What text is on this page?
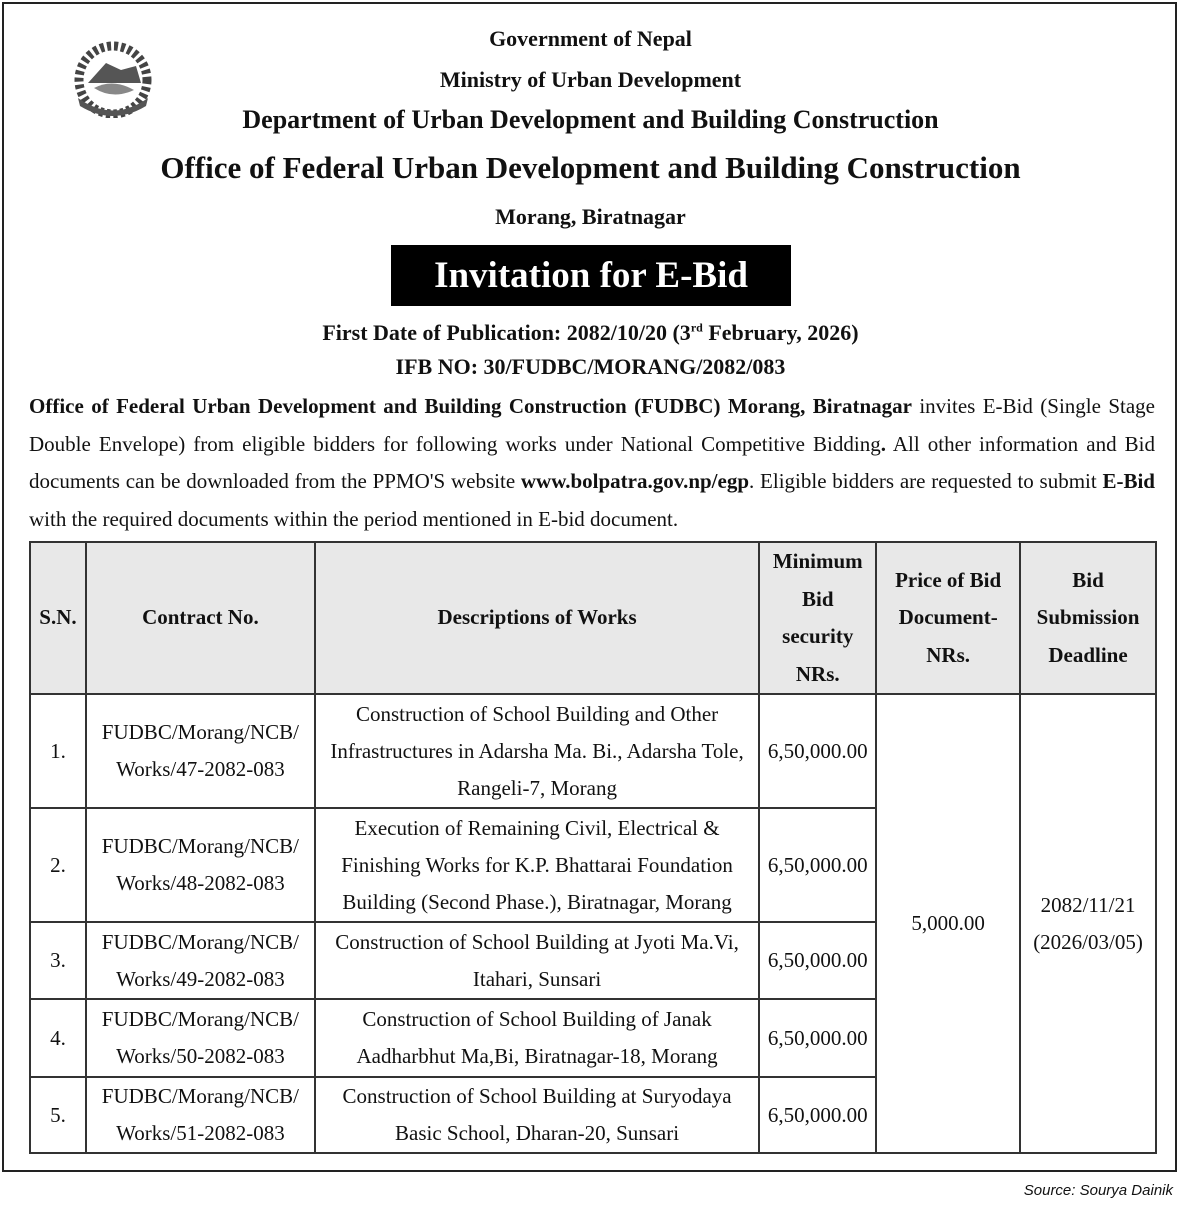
Government of Nepal
Ministry of Urban Development
Department of Urban Development and Building Construction
Office of Federal Urban Development and Building Construction
Morang, Biratnagar
Invitation for E-Bid
First Date of Publication: 2082/10/20 (3rd February, 2026)
IFB NO: 30/FUDBC/MORANG/2082/083
Office of Federal Urban Development and Building Construction (FUDBC) Morang, Biratnagar invites E-Bid (Single Stage Double Envelope) from eligible bidders for following works under National Competitive Bidding. All other information and Bid documents can be downloaded from the PPMO'S website www.bolpatra.gov.np/egp. Eligible bidders are requested to submit E-Bid with the required documents within the period mentioned in E-bid document.
S.N.	Contract No.	Descriptions of Works	Minimum Bid security NRs.	Price of Bid Document-NRs.	Bid Submission Deadline
1.	FUDBC/Morang/NCB/ Works/47-2082-083	Construction of School Building and Other Infrastructures in Adarsha Ma. Bi., Adarsha Tole, Rangeli-7, Morang	6,50,000.00	5,000.00	2082/11/21 (2026/03/05)
2.	FUDBC/Morang/NCB/ Works/48-2082-083	Execution of Remaining Civil, Electrical & Finishing Works for K.P. Bhattarai Foundation Building (Second Phase.), Biratnagar, Morang	6,50,000.00		
3.	FUDBC/Morang/NCB/ Works/49-2082-083	Construction of School Building at Jyoti Ma.Vi, Itahari, Sunsari	6,50,000.00		
4.	FUDBC/Morang/NCB/ Works/50-2082-083	Construction of School Building of Janak Aadharbhut Ma,Bi, Biratnagar-18, Morang	6,50,000.00		
5.	FUDBC/Morang/NCB/ Works/51-2082-083	Construction of School Building at Suryodaya Basic School, Dharan-20, Sunsari	6,50,000.00		
Source: Sourya Dainik
